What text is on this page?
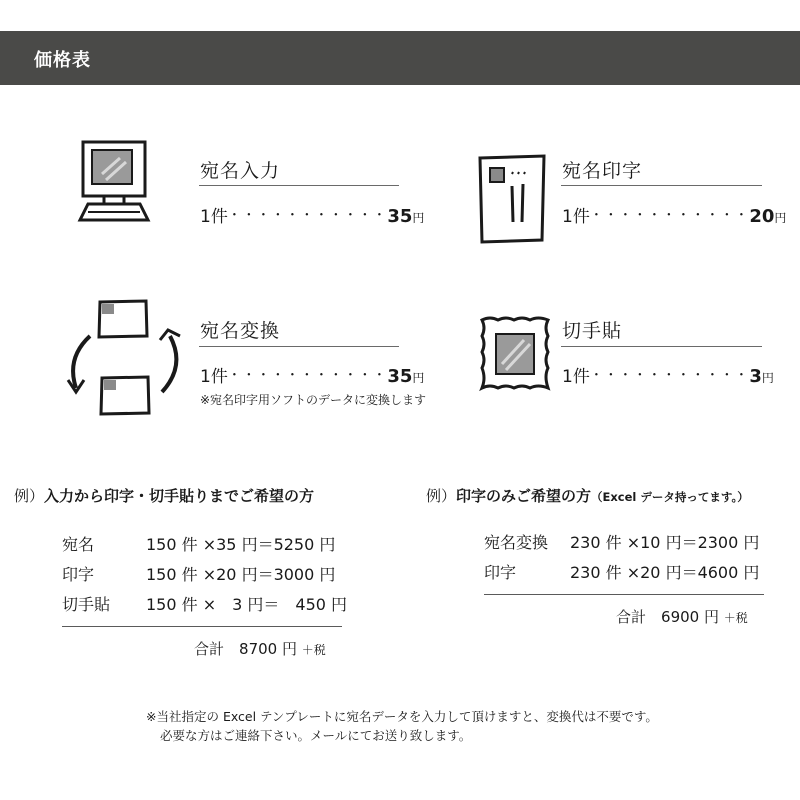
価格表
宛名入力
1件・・・・・・・・・・・35円
宛名印字
1件・・・・・・・・・・・20円
宛名変換
1件・・・・・・・・・・・35円
※宛名印字用ソフトのデータに変換します
切手貼
1件・・・・・・・・・・・3円
例）入力から印字・切手貼りまでご希望の方
宛名	150 件 ×35 円＝5250 円
印字	150 件 ×20 円＝3000 円
切手貼 150 件 ×　3 円＝　450 円
合計　 8700 円 ＋税
例）印字のみご希望の方（Excel データ持ってます。）
宛名変換 230 件 ×10 円＝2300 円
印字	230 件 ×20 円＝4600 円
合計　 6900 円 ＋税
※当社指定の Excel テンプレートに宛名データを入力して頂けますと、変換代は不要です。
必要な方はご連絡下さい。メールにてお送り致します。
